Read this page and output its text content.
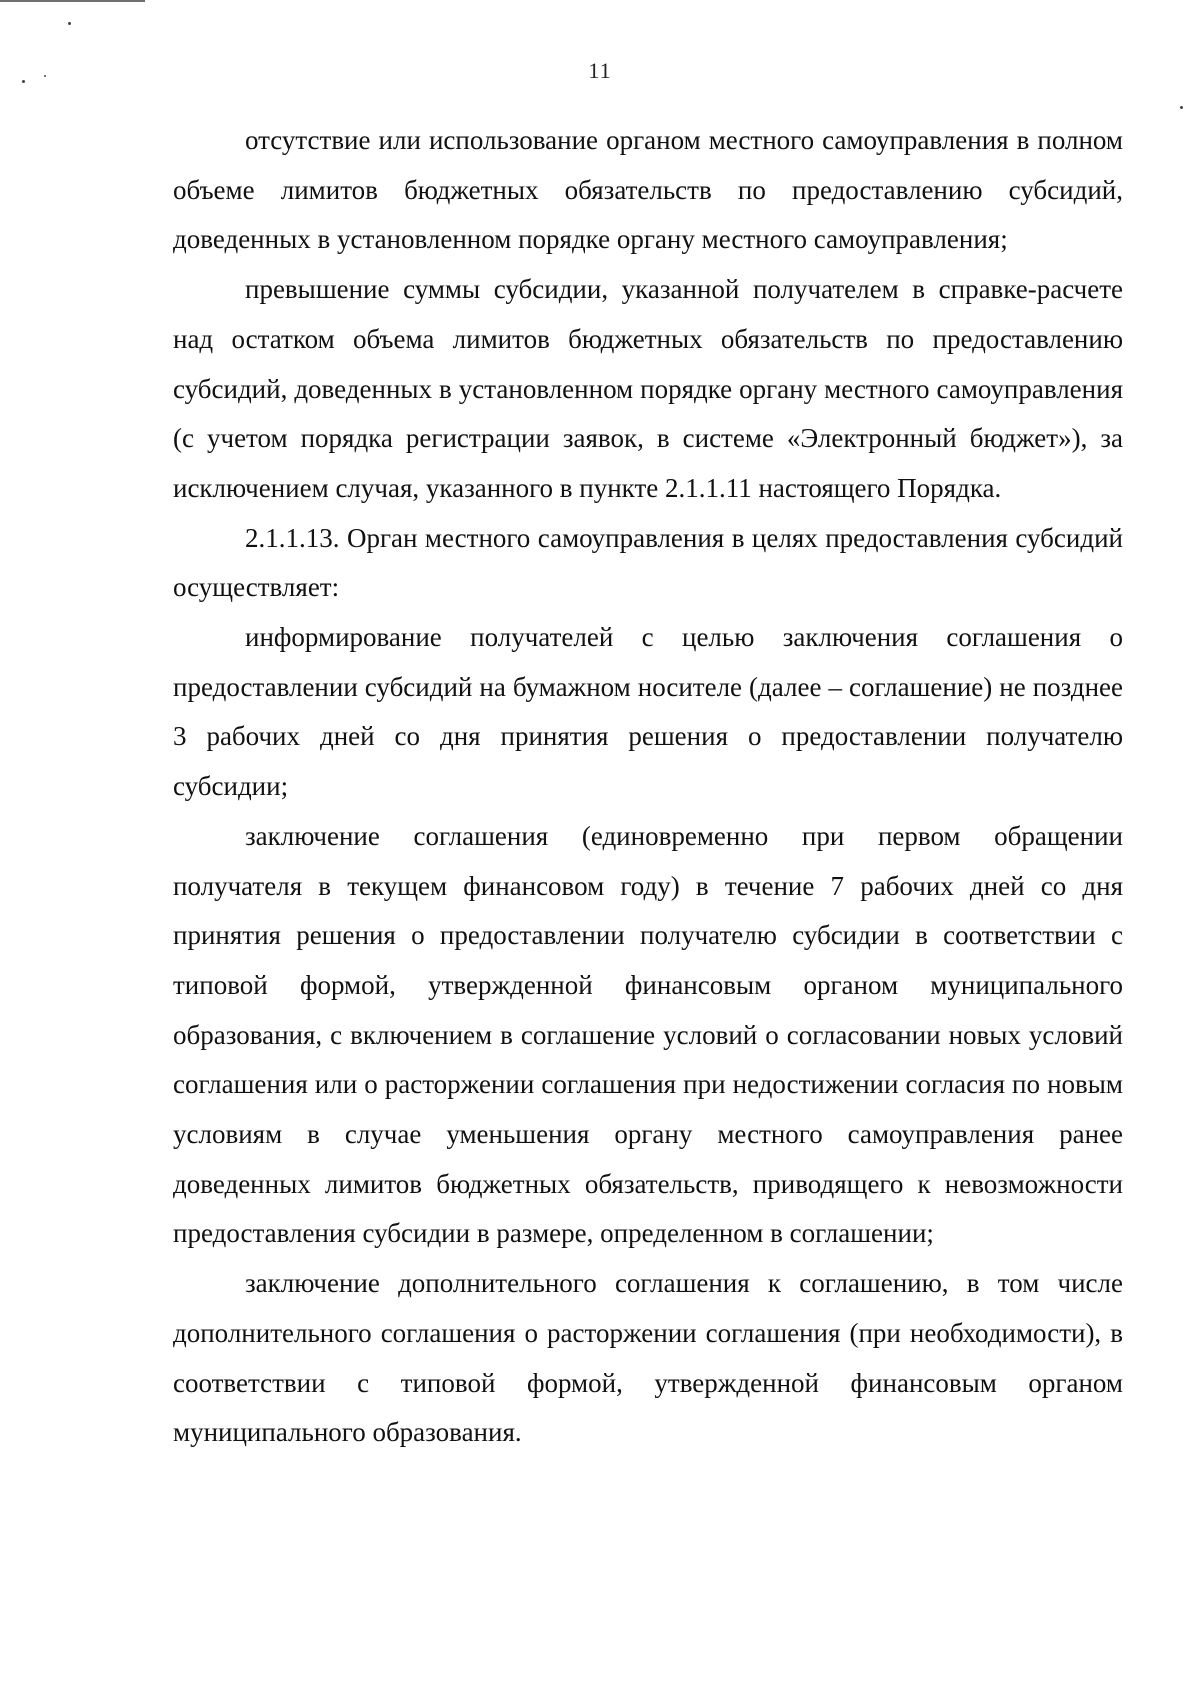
11

отсутствие или использование органом местного самоуправления в полном объеме лимитов бюджетных обязательств по предоставлению субсидий, доведенных в установленном порядке органу местного самоуправления;

превышение суммы субсидии, указанной получателем в справке-расчете над остатком объема лимитов бюджетных обязательств по предоставлению субсидий, доведенных в установленном порядке органу местного самоуправления (с учетом порядка регистрации заявок, в системе «Электронный бюджет»), за исключением случая, указанного в пункте 2.1.1.11 настоящего Порядка.

2.1.1.13. Орган местного самоуправления в целях предоставления субсидий осуществляет:

информирование получателей с целью заключения соглашения о предоставлении субсидий на бумажном носителе (далее – соглашение) не позднее 3 рабочих дней со дня принятия решения о предоставлении получателю субсидии;

заключение соглашения (единовременно при первом обращении получателя в текущем финансовом году) в течение 7 рабочих дней со дня принятия решения о предоставлении получателю субсидии в соответствии с типовой формой, утвержденной финансовым органом муниципального образования, с включением в соглашение условий о согласовании новых условий соглашения или о расторжении соглашения при недостижении согласия по новым условиям в случае уменьшения органу местного самоуправления ранее доведенных лимитов бюджетных обязательств, приводящего к невозможности предоставления субсидии в размере, определенном в соглашении;

заключение дополнительного соглашения к соглашению, в том числе дополнительного соглашения о расторжении соглашения (при необходимости), в соответствии с типовой формой, утвержденной финансовым органом муниципального образования.
